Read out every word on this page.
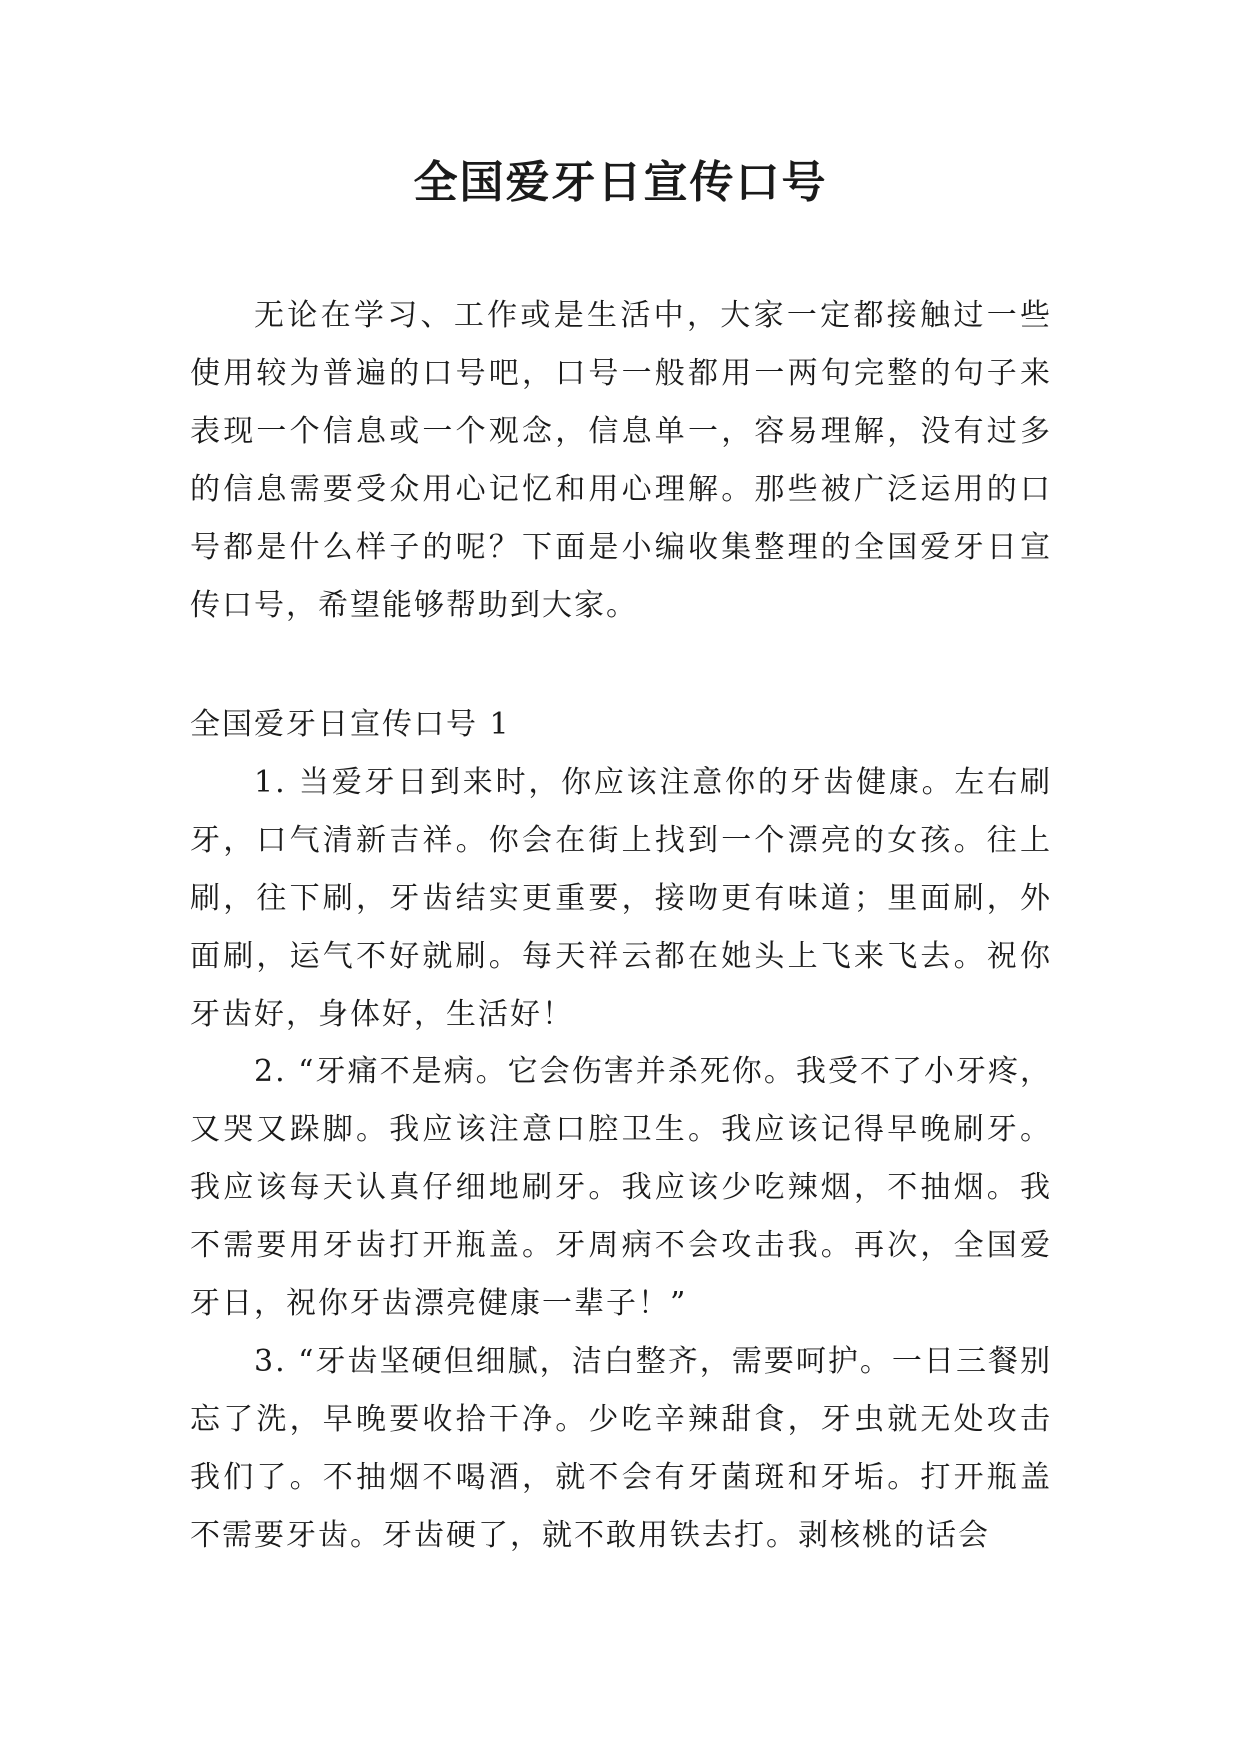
全国爱牙日宣传口号

无论在学习、工作或是生活中，大家一定都接触过一些使用较为普遍的口号吧，口号一般都用一两句完整的句子来表现一个信息或一个观念，信息单一，容易理解，没有过多的信息需要受众用心记忆和用心理解。那些被广泛运用的口号都是什么样子的呢？下面是小编收集整理的全国爱牙日宣传口号，希望能够帮助到大家。

全国爱牙日宣传口号 1

1. 当爱牙日到来时，你应该注意你的牙齿健康。左右刷牙，口气清新吉祥。你会在街上找到一个漂亮的女孩。往上刷，往下刷，牙齿结实更重要，接吻更有味道；里面刷，外面刷，运气不好就刷。每天祥云都在她头上飞来飞去。祝你牙齿好，身体好，生活好！

2. “牙痛不是病。它会伤害并杀死你。我受不了小牙疼，又哭又跺脚。我应该注意口腔卫生。我应该记得早晚刷牙。我应该每天认真仔细地刷牙。我应该少吃辣烟，不抽烟。我不需要用牙齿打开瓶盖。牙周病不会攻击我。再次，全国爱牙日，祝你牙齿漂亮健康一辈子！”

3. “牙齿坚硬但细腻，洁白整齐，需要呵护。一日三餐别忘了洗，早晚要收拾干净。少吃辛辣甜食，牙虫就无处攻击我们了。不抽烟不喝酒，就不会有牙菌斑和牙垢。打开瓶盖不需要牙齿。牙齿硬了，就不敢用铁去打。剥核桃的话会
